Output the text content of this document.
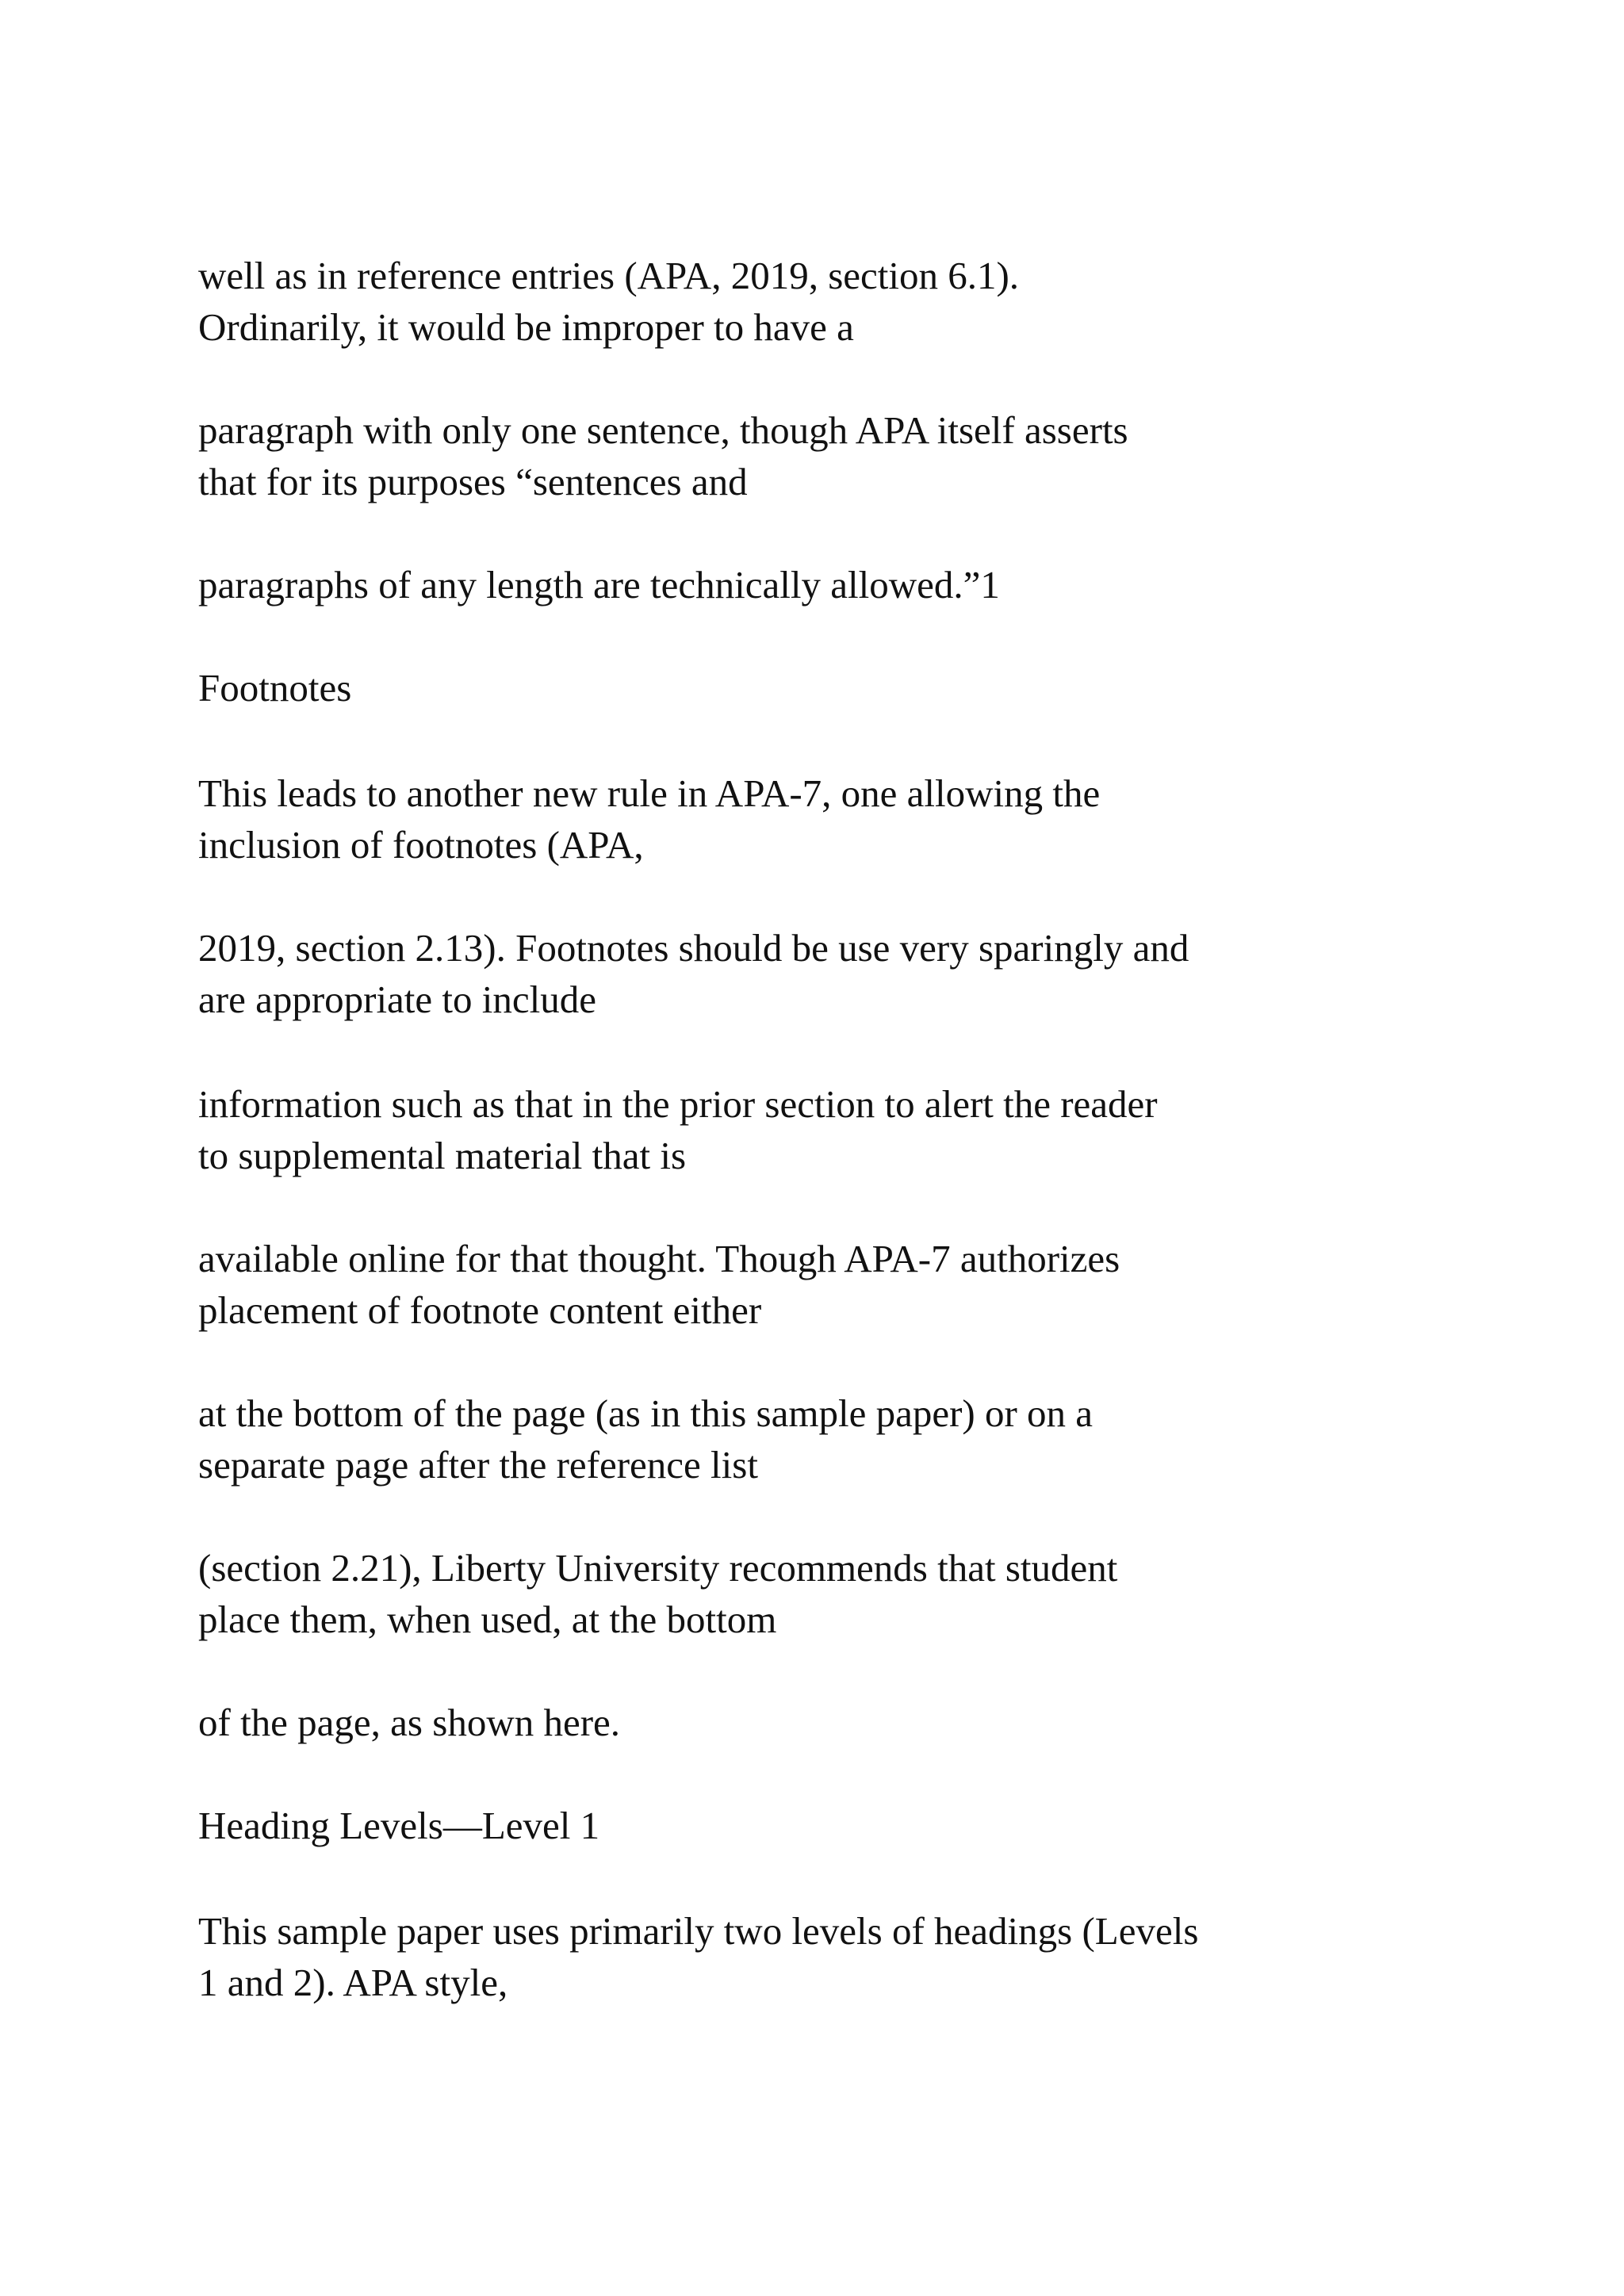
well as in reference entries (APA, 2019, section 6.1).
Ordinarily, it would be improper to have a

paragraph with only one sentence, though APA itself asserts
that for its purposes “sentences and

paragraphs of any length are technically allowed.”1

Footnotes

This leads to another new rule in APA-7, one allowing the
inclusion of footnotes (APA,

2019, section 2.13). Footnotes should be use very sparingly and
are appropriate to include

information such as that in the prior section to alert the reader
to supplemental material that is

available online for that thought. Though APA-7 authorizes
placement of footnote content either

at the bottom of the page (as in this sample paper) or on a
separate page after the reference list

(section 2.21), Liberty University recommends that student
place them, when used, at the bottom

of the page, as shown here.

Heading Levels—Level 1

This sample paper uses primarily two levels of headings (Levels
1 and 2). APA style,
